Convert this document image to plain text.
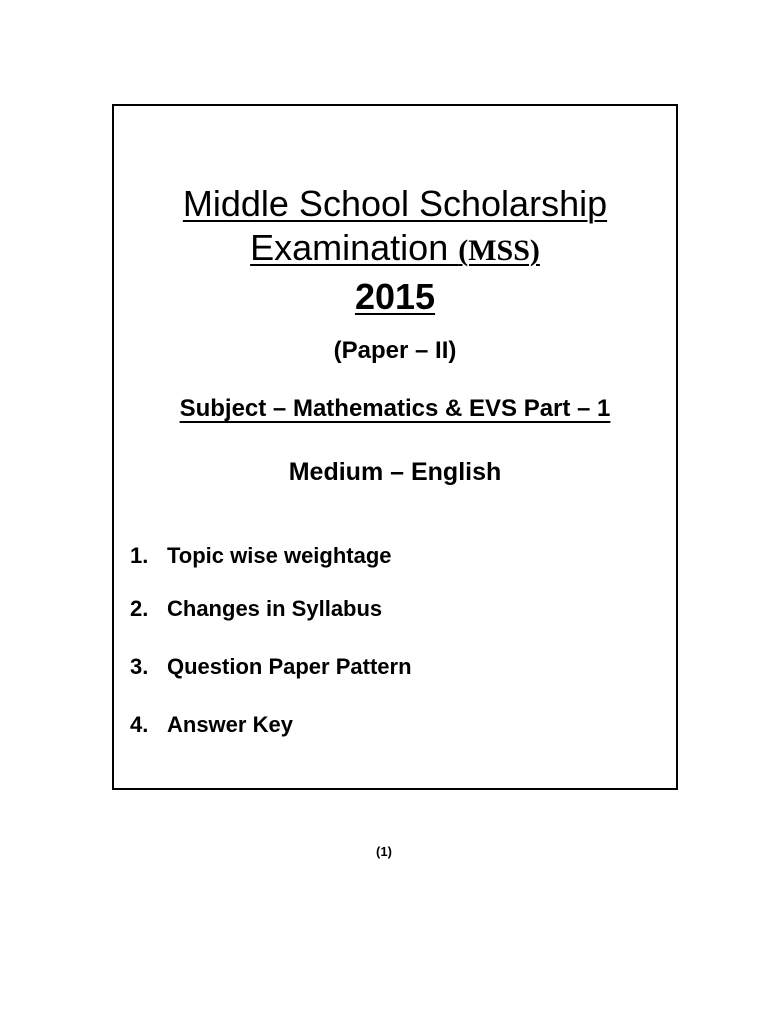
Middle School Scholarship
Examination (MSS)
2015
(Paper – II)
Subject – Mathematics & EVS Part – 1
Medium – English
1. Topic wise weightage
2. Changes in Syllabus
3. Question Paper Pattern
4. Answer Key
(1)
